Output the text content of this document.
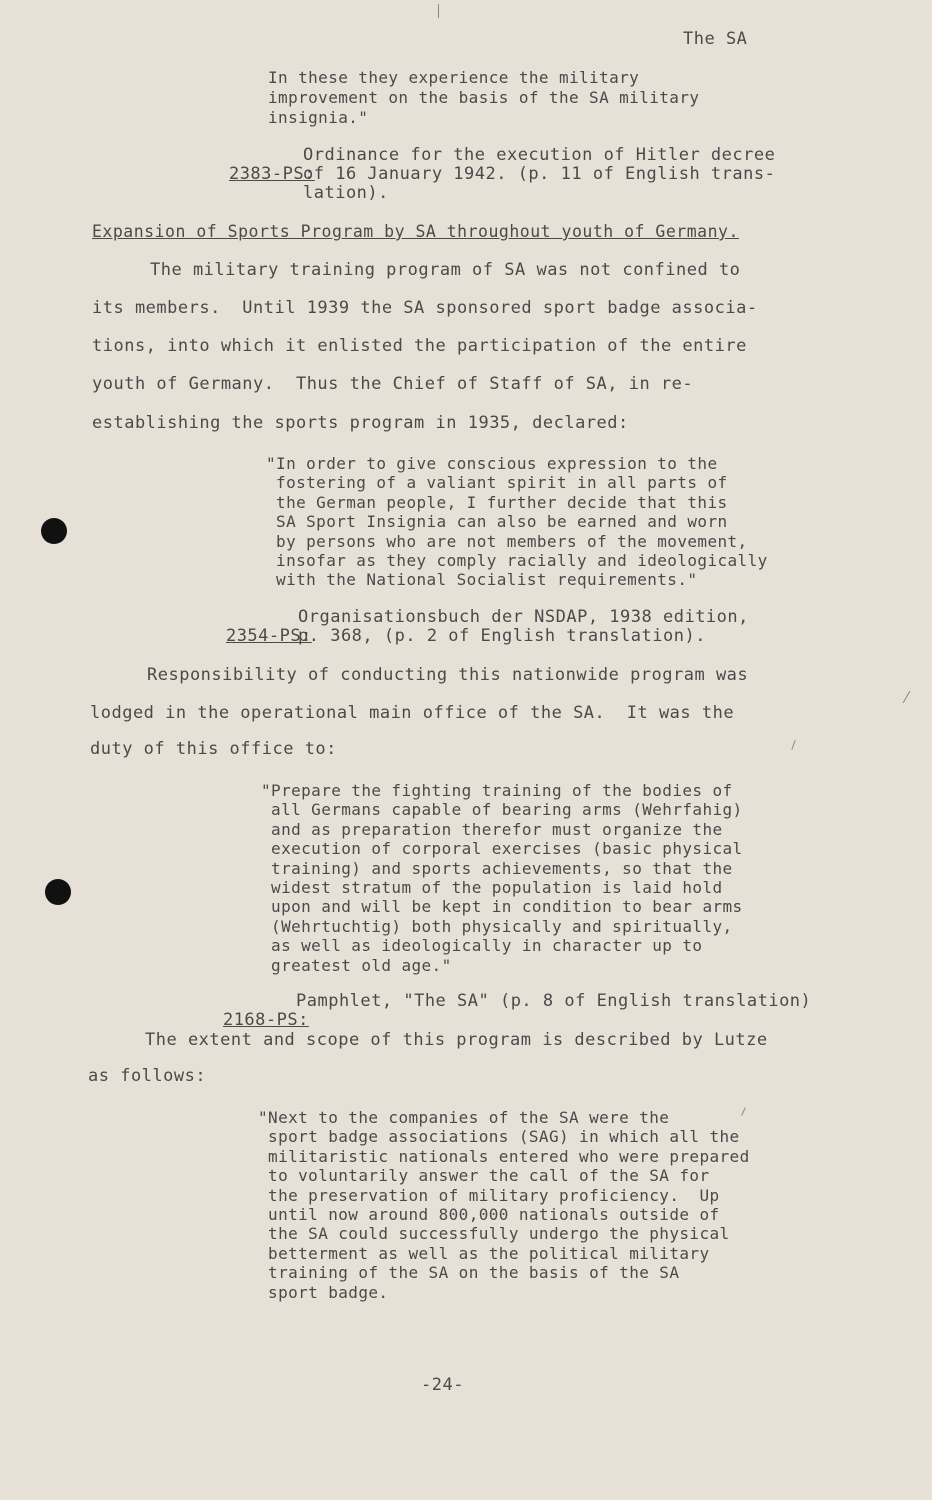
The SA
In these they experience the military
improvement on the basis of the SA military
insignia."

2383-PS:

Ordinance for the execution of Hitler decree
of 16 January 1942. (p. 11 of English trans-
lation).
Expansion of Sports Program by SA throughout youth of Germany.
The military training program of SA was not confined to
its members.  Until 1939 the SA sponsored sport badge associa-
tions, into which it enlisted the participation of the entire
youth of Germany.  Thus the Chief of Staff of SA, in re-
establishing the sports program in 1935, declared:
"In order to give conscious expression to the
fostering of a valiant spirit in all parts of
the German people, I further decide that this
SA Sport Insignia can also be earned and worn
by persons who are not members of the movement,
insofar as they comply racially and ideologically
with the National Socialist requirements."

2354-PS:

Organisationsbuch der NSDAP, 1938 edition,
p. 368, (p. 2 of English translation).
Responsibility of conducting this nationwide program was
lodged in the operational main office of the SA.  It was the
duty of this office to:
"Prepare the fighting training of the bodies of
all Germans capable of bearing arms (Wehrfahig)
and as preparation therefor must organize the
execution of corporal exercises (basic physical
training) and sports achievements, so that the
widest stratum of the population is laid hold
upon and will be kept in condition to bear arms
(Wehrtuchtig) both physically and spiritually,
as well as ideologically in character up to
greatest old age."

2168-PS:

Pamphlet, "The SA" (p. 8 of English translation)
The extent and scope of this program is described by Lutze
as follows:
"Next to the companies of the SA were the
sport badge associations (SAG) in which all the
militaristic nationals entered who were prepared
to voluntarily answer the call of the SA for
the preservation of military proficiency.  Up
until now around 800,000 nationals outside of
the SA could successfully undergo the physical
betterment as well as the political military
training of the SA on the basis of the SA
sport badge.
-24-
